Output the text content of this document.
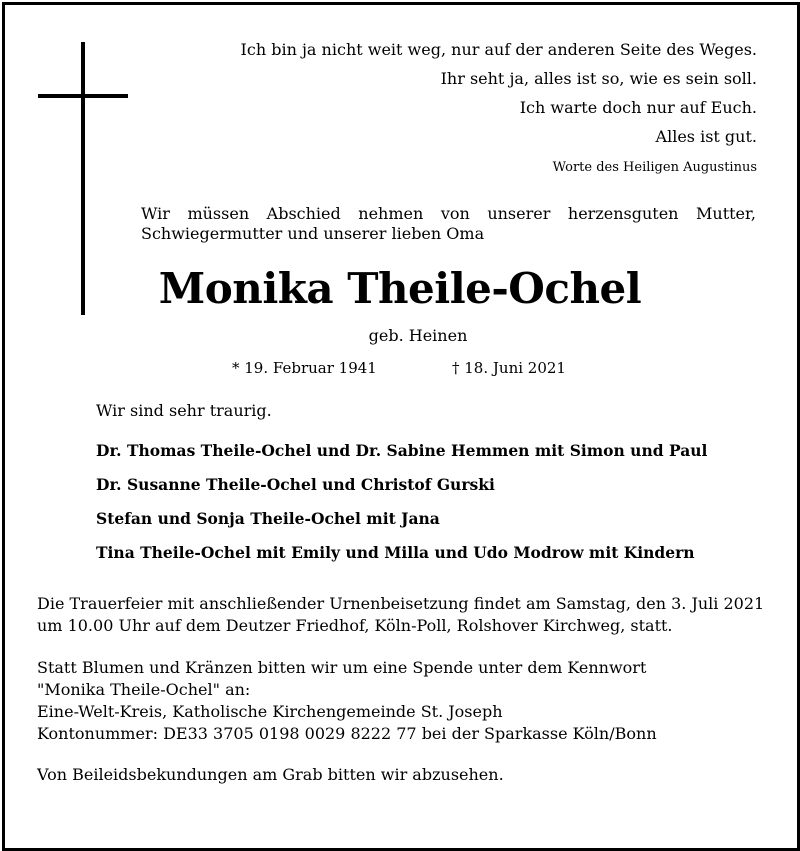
Ich bin ja nicht weit weg, nur auf der anderen Seite des Weges.
Ihr seht ja, alles ist so, wie es sein soll.
Ich warte doch nur auf Euch.
Alles ist gut.
Worte des Heiligen Augustinus
Wir müssen Abschied nehmen von unserer herzensguten Mutter, Schwiegermutter und unserer lieben Oma
Monika Theile-Ochel
geb. Heinen
* 19. Februar 1941	† 18. Juni 2021
Wir sind sehr traurig.
Dr. Thomas Theile-Ochel und Dr. Sabine Hemmen mit Simon und Paul
Dr. Susanne Theile-Ochel und Christof Gurski
Stefan und Sonja Theile-Ochel mit Jana
Tina Theile-Ochel mit Emily und Milla und Udo Modrow mit Kindern
Die Trauerfeier mit anschließender Urnenbeisetzung findet am Samstag, den 3. Juli 2021
um 10.00 Uhr auf dem Deutzer Friedhof, Köln-Poll, Rolshover Kirchweg, statt.
Statt Blumen und Kränzen bitten wir um eine Spende unter dem Kennwort
"Monika Theile-Ochel" an:
Eine-Welt-Kreis, Katholische Kirchengemeinde St. Joseph
Kontonummer: DE33 3705 0198 0029 8222 77 bei der Sparkasse Köln/Bonn
Von Beileidsbekundungen am Grab bitten wir abzusehen.
